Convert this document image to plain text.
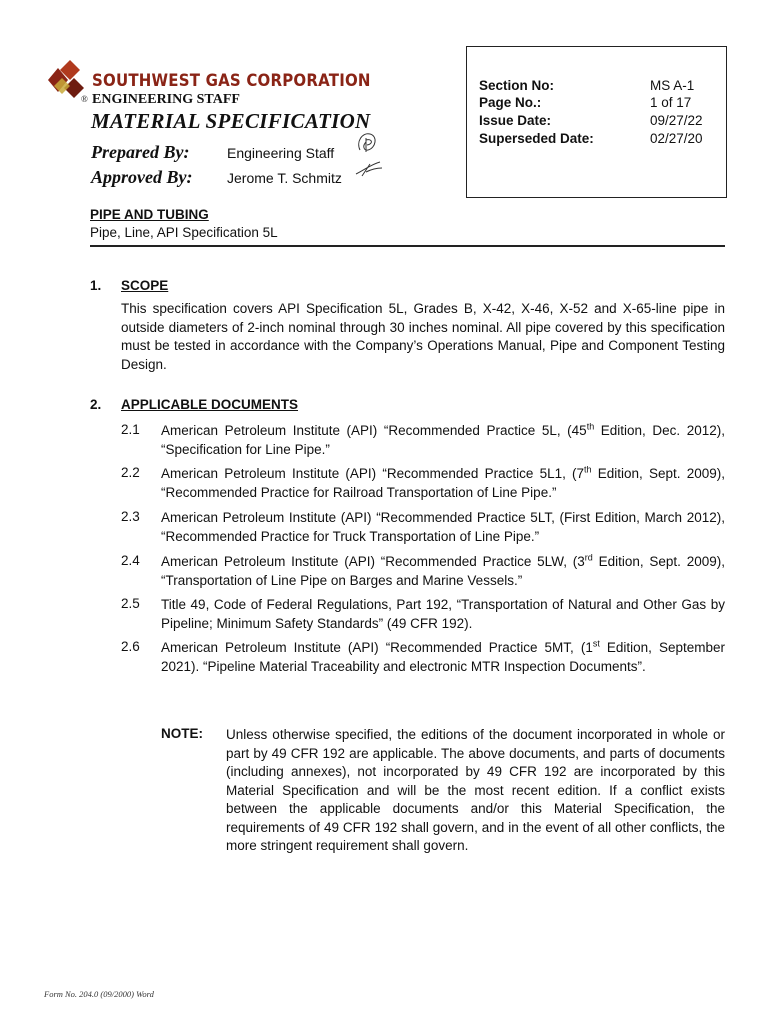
SOUTHWEST GAS CORPORATION
® ENGINEERING STAFF
MATERIAL SPECIFICATION
Prepared By:	Engineering Staff
Approved By: Jerome T. Schmitz
Section No:	MS A-1
Page No.:	1 of 17
Issue Date:	09/27/22
Superseded Date:	02/27/20
PIPE AND TUBING
Pipe, Line, API Specification 5L
1. SCOPE
This specification covers API Specification 5L, Grades B, X-42, X-46, X-52 and X-65-line pipe in outside diameters of 2-inch nominal through 30 inches nominal. All pipe covered by this specification must be tested in accordance with the Company’s Operations Manual, Pipe and Component Testing Design.
2. APPLICABLE DOCUMENTS
2.1 American Petroleum Institute (API) “Recommended Practice 5L, (45th Edition, Dec. 2012), “Specification for Line Pipe.”
2.2 American Petroleum Institute (API) “Recommended Practice 5L1, (7th Edition, Sept. 2009), “Recommended Practice for Railroad Transportation of Line Pipe.”
2.3 American Petroleum Institute (API) “Recommended Practice 5LT, (First Edition, March 2012), “Recommended Practice for Truck Transportation of Line Pipe.”
2.4 American Petroleum Institute (API) “Recommended Practice 5LW, (3rd Edition, Sept. 2009), “Transportation of Line Pipe on Barges and Marine Vessels.”
2.5 Title 49, Code of Federal Regulations, Part 192, “Transportation of Natural and Other Gas by Pipeline; Minimum Safety Standards” (49 CFR 192).
2.6 American Petroleum Institute (API) “Recommended Practice 5MT, (1st Edition, September 2021). “Pipeline Material Traceability and electronic MTR Inspection Documents”.
NOTE: Unless otherwise specified, the editions of the document incorporated in whole or part by 49 CFR 192 are applicable. The above documents, and parts of documents (including annexes), not incorporated by 49 CFR 192 are incorporated by this Material Specification and will be the most recent edition. If a conflict exists between the applicable documents and/or this Material Specification, the requirements of 49 CFR 192 shall govern, and in the event of all other conflicts, the more stringent requirement shall govern.
Form No. 204.0 (09/2000) Word
